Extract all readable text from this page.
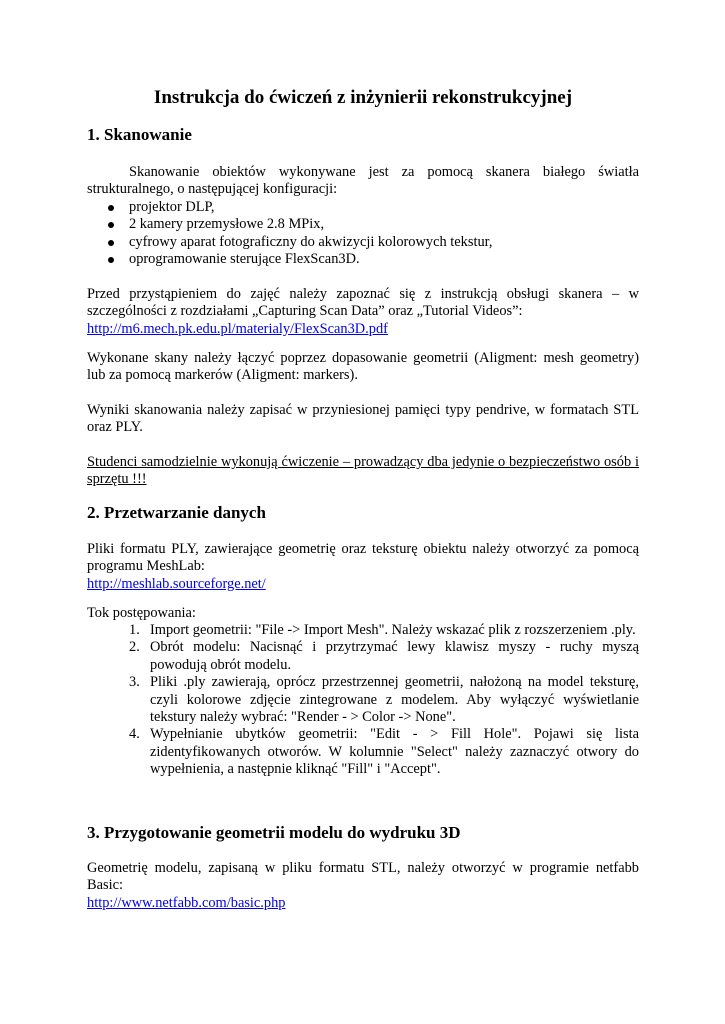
Instrukcja do ćwiczeń z inżynierii rekonstrukcyjnej
1. Skanowanie

Skanowanie obiektów wykonywane jest za pomocą skanera białego światła strukturalnego, o następującej konfiguracji:

projektor DLP,
2 kamery przemysłowe 2.8 MPix,
cyfrowy aparat fotograficzny do akwizycji kolorowych tekstur,
oprogramowanie sterujące FlexScan3D.

Przed przystąpieniem do zajęć należy zapoznać się z instrukcją obsługi skanera – w szczególności z rozdziałami „Capturing Scan Data” oraz „Tutorial Videos”:
http://m6.mech.pk.edu.pl/materialy/FlexScan3D.pdf

Wykonane skany należy łączyć poprzez dopasowanie geometrii (Aligment: mesh geometry) lub za pomocą markerów (Aligment: markers).

Wyniki skanowania należy zapisać w przyniesionej pamięci typy pendrive, w formatach STL oraz PLY.

Studenci samodzielnie wykonują ćwiczenie – prowadzący dba jedynie o bezpieczeństwo osób i sprzętu !!!

2. Przetwarzanie danych

Pliki formatu PLY, zawierające geometrię oraz teksturę obiektu należy otworzyć za pomocą programu MeshLab:
http://meshlab.sourceforge.net/

Tok postępowania:

1. Import geometrii: "File -> Import Mesh". Należy wskazać plik z rozszerzeniem .ply.
2. Obrót modelu: Nacisnąć i przytrzymać lewy klawisz myszy - ruchy myszą powodują obrót modelu.
3. Pliki .ply zawierają, oprócz przestrzennej geometrii, nałożoną na model teksturę, czyli kolorowe zdjęcie zintegrowane z modelem. Aby wyłączyć wyświetlanie tekstury należy wybrać: "Render - > Color -> None".
4. Wypełnianie ubytków geometrii: "Edit - > Fill Hole". Pojawi się lista zidentyfikowanych otworów. W kolumnie "Select" należy zaznaczyć otwory do wypełnienia, a następnie kliknąć "Fill" i "Accept".
3. Przygotowanie geometrii modelu do wydruku 3D

Geometrię modelu, zapisaną w pliku formatu STL, należy otworzyć w programie netfabb Basic:
http://www.netfabb.com/basic.php
